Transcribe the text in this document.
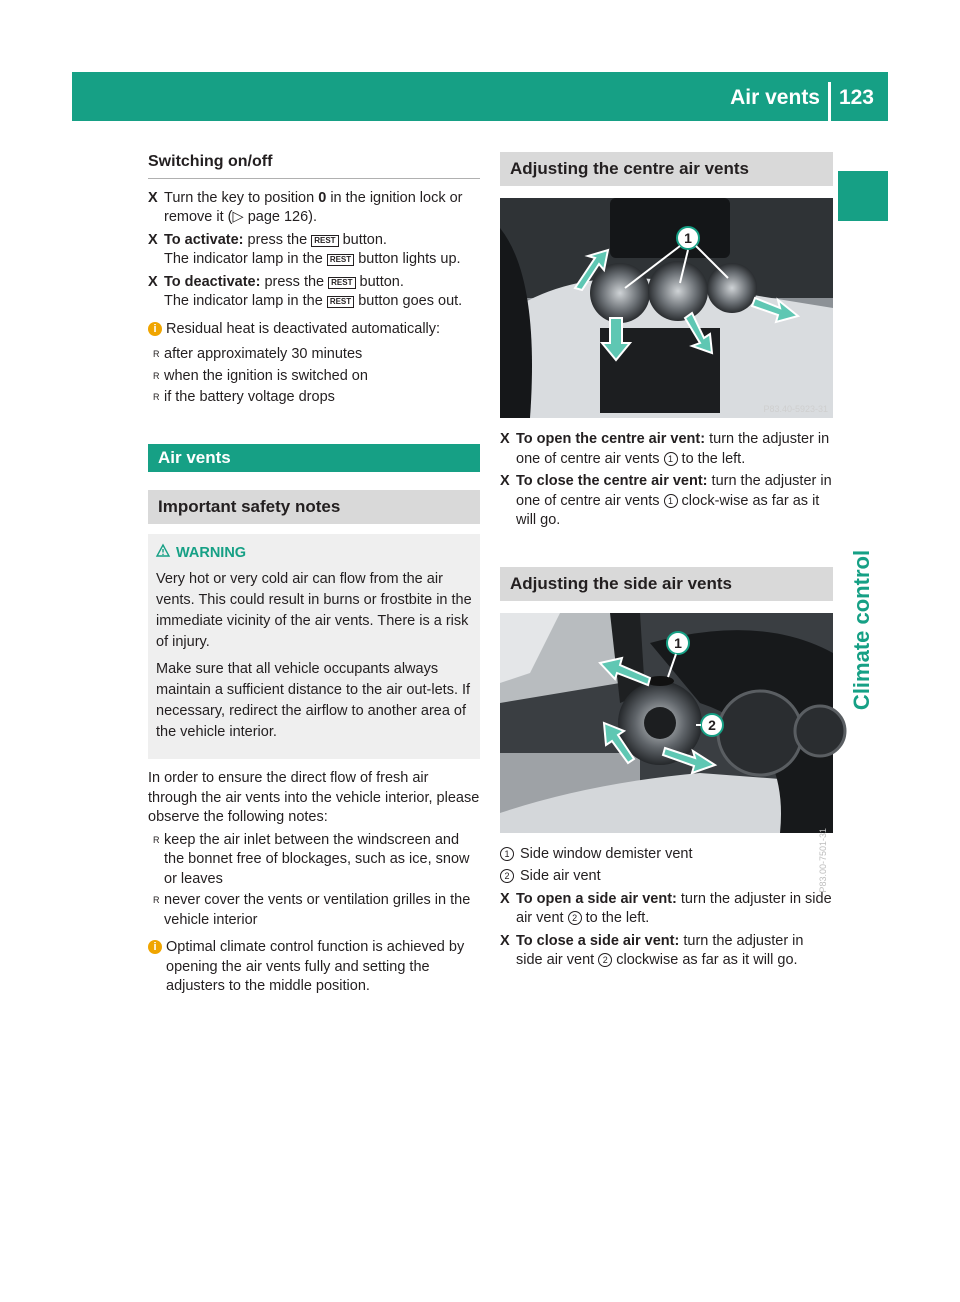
Air vents 123
Climate control
Switching on/off
X Turn the key to position 0 in the ignition lock or remove it (▷ page 126).
X To activate: press the REST button.
The indicator lamp in the REST button lights up.
X To deactivate: press the REST button.
The indicator lamp in the REST button goes out.
i Residual heat is deactivated automatically:
R after approximately 30 minutes
R when the ignition is switched on
R if the battery voltage drops
Air vents
Important safety notes
WARNING

Very hot or very cold air can flow from the air vents. This could result in burns or frostbite in the immediate vicinity of the air vents. There is a risk of injury.

Make sure that all vehicle occupants always maintain a sufficient distance to the air out-lets. If necessary, redirect the airflow to another area of the vehicle interior.

In order to ensure the direct flow of fresh air through the air vents into the vehicle interior, please observe the following notes:
R keep the air inlet between the windscreen and the bonnet free of blockages, such as ice, snow or leaves
R never cover the vents or ventilation grilles in the vehicle interior
i Optimal climate control function is achieved by opening the air vents fully and setting the adjusters to the middle position.
Adjusting the centre air vents
1
P83.40-5923-31
X To open the centre air vent: turn the adjuster in one of centre air vents 1 to the left.
X To close the centre air vent: turn the adjuster in one of centre air vents 1 clock-wise as far as it will go.
Adjusting the side air vents
1
2
P83.00-7501-31
1 Side window demister vent
2 Side air vent
X To open a side air vent: turn the adjuster in side air vent 2 to the left.
X To close a side air vent: turn the adjuster in side air vent 2 clockwise as far as it will go.
